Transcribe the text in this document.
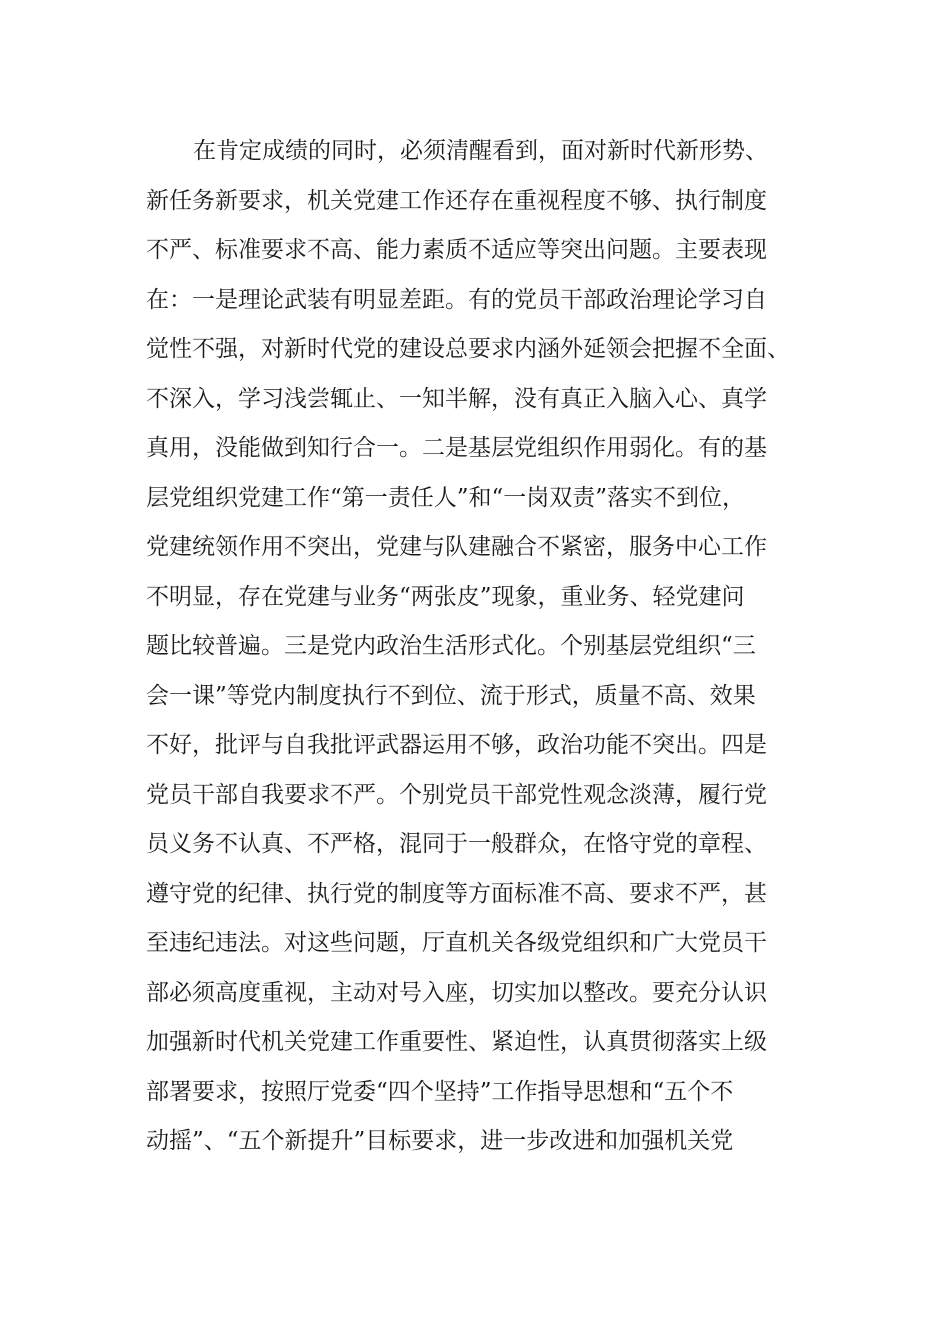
在肯定成绩的同时，必须清醒看到，面对新时代新形势、
新任务新要求，机关党建工作还存在重视程度不够、执行制度
不严、标准要求不高、能力素质不适应等突出问题。主要表现
在：一是理论武装有明显差距。有的党员干部政治理论学习自
觉性不强，对新时代党的建设总要求内涵外延领会把握不全面、
不深入，学习浅尝辄止、一知半解，没有真正入脑入心、真学
真用，没能做到知行合一。二是基层党组织作用弱化。有的基
层党组织党建工作“第一责任人”和“一岗双责”落实不到位，
党建统领作用不突出，党建与队建融合不紧密，服务中心工作
不明显，存在党建与业务“两张皮”现象，重业务、轻党建问
题比较普遍。三是党内政治生活形式化。个别基层党组织“三
会一课”等党内制度执行不到位、流于形式，质量不高、效果
不好，批评与自我批评武器运用不够，政治功能不突出。四是
党员干部自我要求不严。个别党员干部党性观念淡薄，履行党
员义务不认真、不严格，混同于一般群众，在恪守党的章程、
遵守党的纪律、执行党的制度等方面标准不高、要求不严，甚
至违纪违法。对这些问题，厅直机关各级党组织和广大党员干
部必须高度重视，主动对号入座，切实加以整改。要充分认识
加强新时代机关党建工作重要性、紧迫性，认真贯彻落实上级
部署要求，按照厅党委“四个坚持”工作指导思想和“五个不
动摇”、“五个新提升”目标要求，进一步改进和加强机关党
